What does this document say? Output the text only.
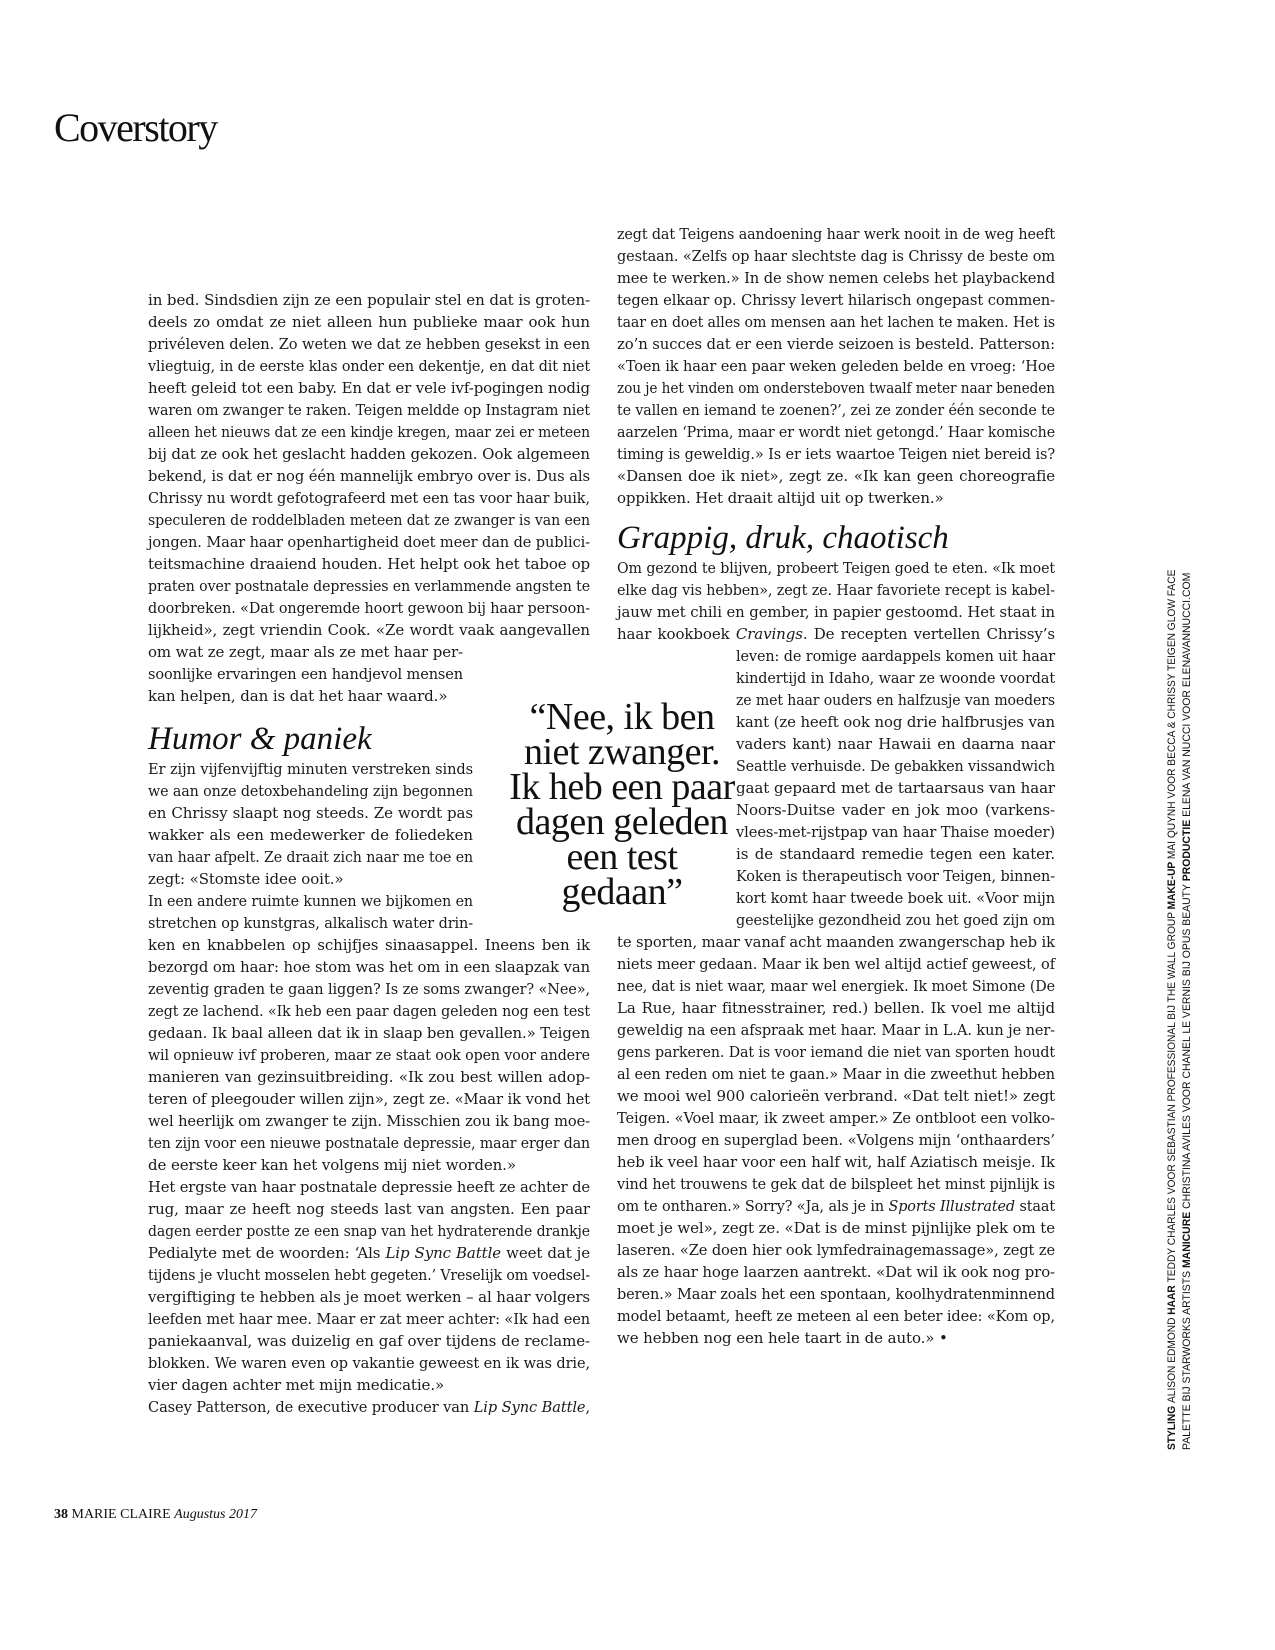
Coverstory
in bed. Sindsdien zijn ze een populair stel en dat is groten-
deels zo omdat ze niet alleen hun publieke maar ook hun
privéleven delen. Zo weten we dat ze hebben gesekst in een
vliegtuig, in de eerste klas onder een dekentje, en dat dit niet
heeft geleid tot een baby. En dat er vele ivf-pogingen nodig
waren om zwanger te raken. Teigen meldde op Instagram niet
alleen het nieuws dat ze een kindje kregen, maar zei er meteen
bij dat ze ook het geslacht hadden gekozen. Ook algemeen
bekend, is dat er nog één mannelijk embryo over is. Dus als
Chrissy nu wordt gefotografeerd met een tas voor haar buik,
speculeren de roddelbladen meteen dat ze zwanger is van een
jongen. Maar haar openhartigheid doet meer dan de publici-
teitsmachine draaiend houden. Het helpt ook het taboe op
praten over postnatale depressies en verlammende angsten te
doorbreken. «Dat ongeremde hoort gewoon bij haar persoon-
lijkheid», zegt vriendin Cook. «Ze wordt vaak aangevallen
om wat ze zegt, maar als ze met haar per-
soonlijke ervaringen een handjevol mensen
kan helpen, dan is dat het haar waard.»
Er zijn vijfenvijftig minuten verstreken sinds
we aan onze detoxbehandeling zijn begonnen
en Chrissy slaapt nog steeds. Ze wordt pas
wakker als een medewerker de foliedeken
van haar afpelt. Ze draait zich naar me toe en
zegt: «Stomste idee ooit.»
In een andere ruimte kunnen we bijkomen en
stretchen op kunstgras, alkalisch water drin-
ken en knabbelen op schijfjes sinaasappel. Ineens ben ik
bezorgd om haar: hoe stom was het om in een slaapzak van
zeventig graden te gaan liggen? Is ze soms zwanger? «Nee»,
zegt ze lachend. «Ik heb een paar dagen geleden nog een test
gedaan. Ik baal alleen dat ik in slaap ben gevallen.» Teigen
wil opnieuw ivf proberen, maar ze staat ook open voor andere
manieren van gezinsuitbreiding. «Ik zou best willen adop-
teren of pleegouder willen zijn», zegt ze. «Maar ik vond het
wel heerlijk om zwanger te zijn. Misschien zou ik bang moe-
ten zijn voor een nieuwe postnatale depressie, maar erger dan
de eerste keer kan het volgens mij niet worden.»
Het ergste van haar postnatale depressie heeft ze achter de
rug, maar ze heeft nog steeds last van angsten. Een paar
dagen eerder postte ze een snap van het hydraterende drankje
Pedialyte met de woorden: ‘Als Lip Sync Battle weet dat je
tijdens je vlucht mosselen hebt gegeten.’ Vreselijk om voedsel-
vergiftiging te hebben als je moet werken – al haar volgers
leefden met haar mee. Maar er zat meer achter: «Ik had een
paniekaanval, was duizelig en gaf over tijdens de reclame-
blokken. We waren even op vakantie geweest en ik was drie,
vier dagen achter met mijn medicatie.»
Casey Patterson, de executive producer van Lip Sync Battle,
zegt dat Teigens aandoening haar werk nooit in de weg heeft
gestaan. «Zelfs op haar slechtste dag is Chrissy de beste om
mee te werken.» In de show nemen celebs het playbackend
tegen elkaar op. Chrissy levert hilarisch ongepast commen-
taar en doet alles om mensen aan het lachen te maken. Het is
zo’n succes dat er een vierde seizoen is besteld. Patterson:
«Toen ik haar een paar weken geleden belde en vroeg: ‘Hoe
zou je het vinden om ondersteboven twaalf meter naar beneden
te vallen en iemand te zoenen?’, zei ze zonder één seconde te
aarzelen ‘Prima, maar er wordt niet getongd.’ Haar komische
timing is geweldig.» Is er iets waartoe Teigen niet bereid is?
«Dansen doe ik niet», zegt ze. «Ik kan geen choreografie
oppikken. Het draait altijd uit op twerken.»
Om gezond te blijven, probeert Teigen goed te eten. «Ik moet
elke dag vis hebben», zegt ze. Haar favoriete recept is kabel-
jauw met chili en gember, in papier gestoomd. Het staat in
haar kookboek Cravings. De recepten vertellen Chrissy’s
leven: de romige aardappels komen uit haar
kindertijd in Idaho, waar ze woonde voordat
ze met haar ouders en halfzusje van moeders
kant (ze heeft ook nog drie halfbrusjes van
vaders kant) naar Hawaii en daarna naar
Seattle verhuisde. De gebakken vissandwich
gaat gepaard met de tartaarsaus van haar
Noors-Duitse vader en jok moo (varkens-
vlees-met-rijstpap van haar Thaise moeder)
is de standaard remedie tegen een kater.
Koken is therapeutisch voor Teigen, binnen-
kort komt haar tweede boek uit. «Voor mijn
geestelijke gezondheid zou het goed zijn om
te sporten, maar vanaf acht maanden zwangerschap heb ik
niets meer gedaan. Maar ik ben wel altijd actief geweest, of
nee, dat is niet waar, maar wel energiek. Ik moet Simone (De
La Rue, haar fitnesstrainer, red.) bellen. Ik voel me altijd
geweldig na een afspraak met haar. Maar in L.A. kun je ner-
gens parkeren. Dat is voor iemand die niet van sporten houdt
al een reden om niet te gaan.» Maar in die zweethut hebben
we mooi wel 900 calorieën verbrand. «Dat telt niet!» zegt
Teigen. «Voel maar, ik zweet amper.» Ze ontbloot een volko-
men droog en superglad been. «Volgens mijn ‘onthaarders’
heb ik veel haar voor een half wit, half Aziatisch meisje. Ik
vind het trouwens te gek dat de bilspleet het minst pijnlijk is
om te ontharen.» Sorry? «Ja, als je in Sports Illustrated staat
moet je wel», zegt ze. «Dat is de minst pijnlijke plek om te
laseren. «Ze doen hier ook lymfedrainagemassage», zegt ze
als ze haar hoge laarzen aantrekt. «Dat wil ik ook nog pro-
beren.» Maar zoals het een spontaan, koolhydratenminnend
model betaamt, heeft ze meteen al een beter idee: «Kom op,
we hebben nog een hele taart in de auto.» •
Humor & paniek
Grappig, druk, chaotisch
“Nee, ik ben niet zwanger. Ik heb een paar dagen geleden een test gedaan”
38 MARIE CLAIRE Augustus 2017
STYLING ALISON EDMOND HAAR TEDDY CHARLES VOOR SEBASTIAN PROFESSIONAL BIJ THE WALL GROUP MAKE-UP MAI QUYNH VOOR BECCA & CHRISSY TEIGEN GLOW FACE
PALETTE BIJ STARWORKS ARTISTS MANICURE CHRISTINA AVILES VOOR CHANEL LE VERNIS BIJ OPUS BEAUTY PRODUCTIE ELENA VAN NUCCI VOOR ELENAVANNUCCI.COM
